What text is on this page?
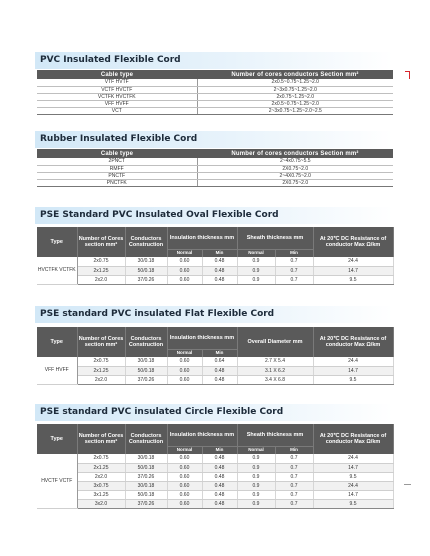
PVC Insulated Flexible Cord
Cable type	Number of cores conductors Section mm²
VTF HVTF	2x0.5~0.75~1.25~2.0
VCTF HVCTF	2~3x0.75~1.25~2.0
VCTFK HVCTFK	2x0.75~1.25~2.0
VFF HVFF	2x0.5~0.75~1.25~2.0
VCT	2~3x0.75~1.25~2.0~2.5
Rubber Insulated Flexible Cord
Cable type	Number of cores conductors Section mm²
2PNCT	2~4x0.75~5.5
RMFF	2X0.75~2.0
PNCTF	2~4X0.75~2.0
PNCTFK	2X0.75~2.0
PSE Standard PVC Insulated Oval Flexible Cord
Type	Number of Cores section mm²	Conductors Construction	Insulation thickness mm		Sheath thickness mm		At 20℃ DC Resistance of conductor Max Ω/km
			Normal	Min	Normal	Min	
HVCTFK VCTFK	2x0.75	30/0.18	0.60	0.48	0.9	0.7	24.4
	2x1.25	50/0.18	0.60	0.48	0.9	0.7	14.7
	2x2.0	37/0.26	0.60	0.48	0.9	0.7	9.5
PSE standard PVC insulated Flat Flexible Cord
Type	Number of Cores section mm²	Conductors Construction	Insulation thickness mm		Overall Diameter mm	At 20℃ DC Resistance of conductor Max Ω/km
			Normal	Min		
VFF HVFF	2x0.75	30/0.18	0.60	0.64	2.7 X 5.4	24.4
	2x1.25	50/0.18	0.60	0.48	3.1 X 6.2	14.7
	2x2.0	37/0.26	0.60	0.48	3.4 X 6.8	9.5
PSE standard PVC insulated Circle Flexible Cord
Type	Number of Cores section mm²	Conductors Construction	Insulation thickness mm		Sheath thickness mm		At 20℃ DC Resistance of conductor Max Ω/km
			Normal	Min	Normal	Min	
HVCTF VCTF	2x0.75	30/0.18	0.60	0.48	0.9	0.7	24.4
	2x1.25	50/0.18	0.60	0.48	0.9	0.7	14.7
	2x2.0	37/0.26	0.60	0.48	0.9	0.7	9.5
	3x0.75	30/0.18	0.60	0.48	0.9	0.7	24.4
	3x1.25	50/0.18	0.60	0.48	0.9	0.7	14.7
	3x2.0	37/0.26	0.60	0.48	0.9	0.7	9.5
